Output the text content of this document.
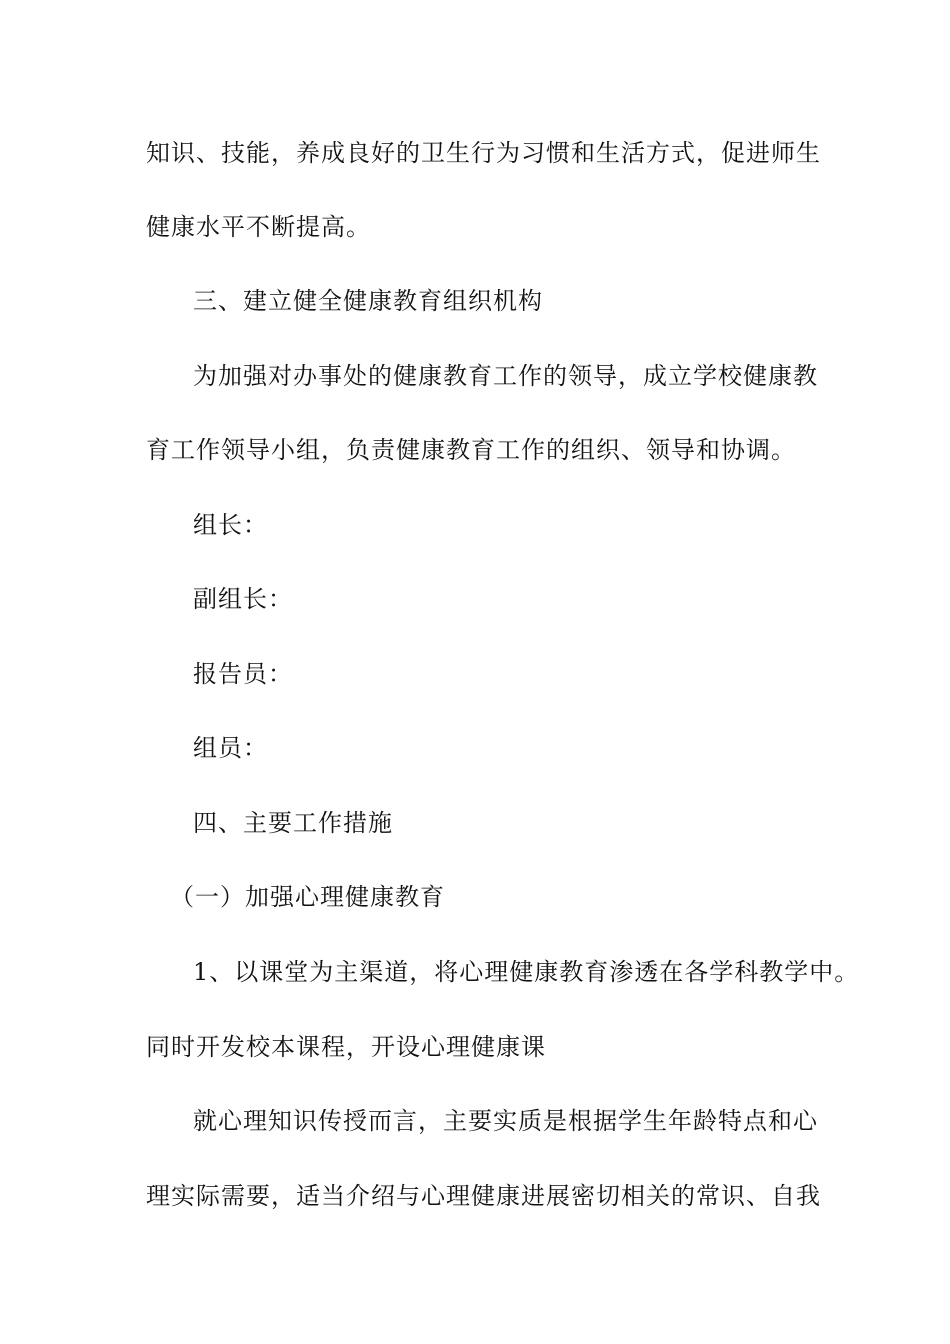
知识、技能，养成良好的卫生行为习惯和生活方式，促进师生
健康水平不断提高。
三、建立健全健康教育组织机构
为加强对办事处的健康教育工作的领导，成立学校健康教
育工作领导小组，负责健康教育工作的组织、领导和协调。
组长：
副组长：
报告员：
组员：
四、主要工作措施
（一）加强心理健康教育
1、以课堂为主渠道，将心理健康教育渗透在各学科教学中。
同时开发校本课程，开设心理健康课
就心理知识传授而言，主要实质是根据学生年龄特点和心
理实际需要，适当介绍与心理健康进展密切相关的常识、自我
